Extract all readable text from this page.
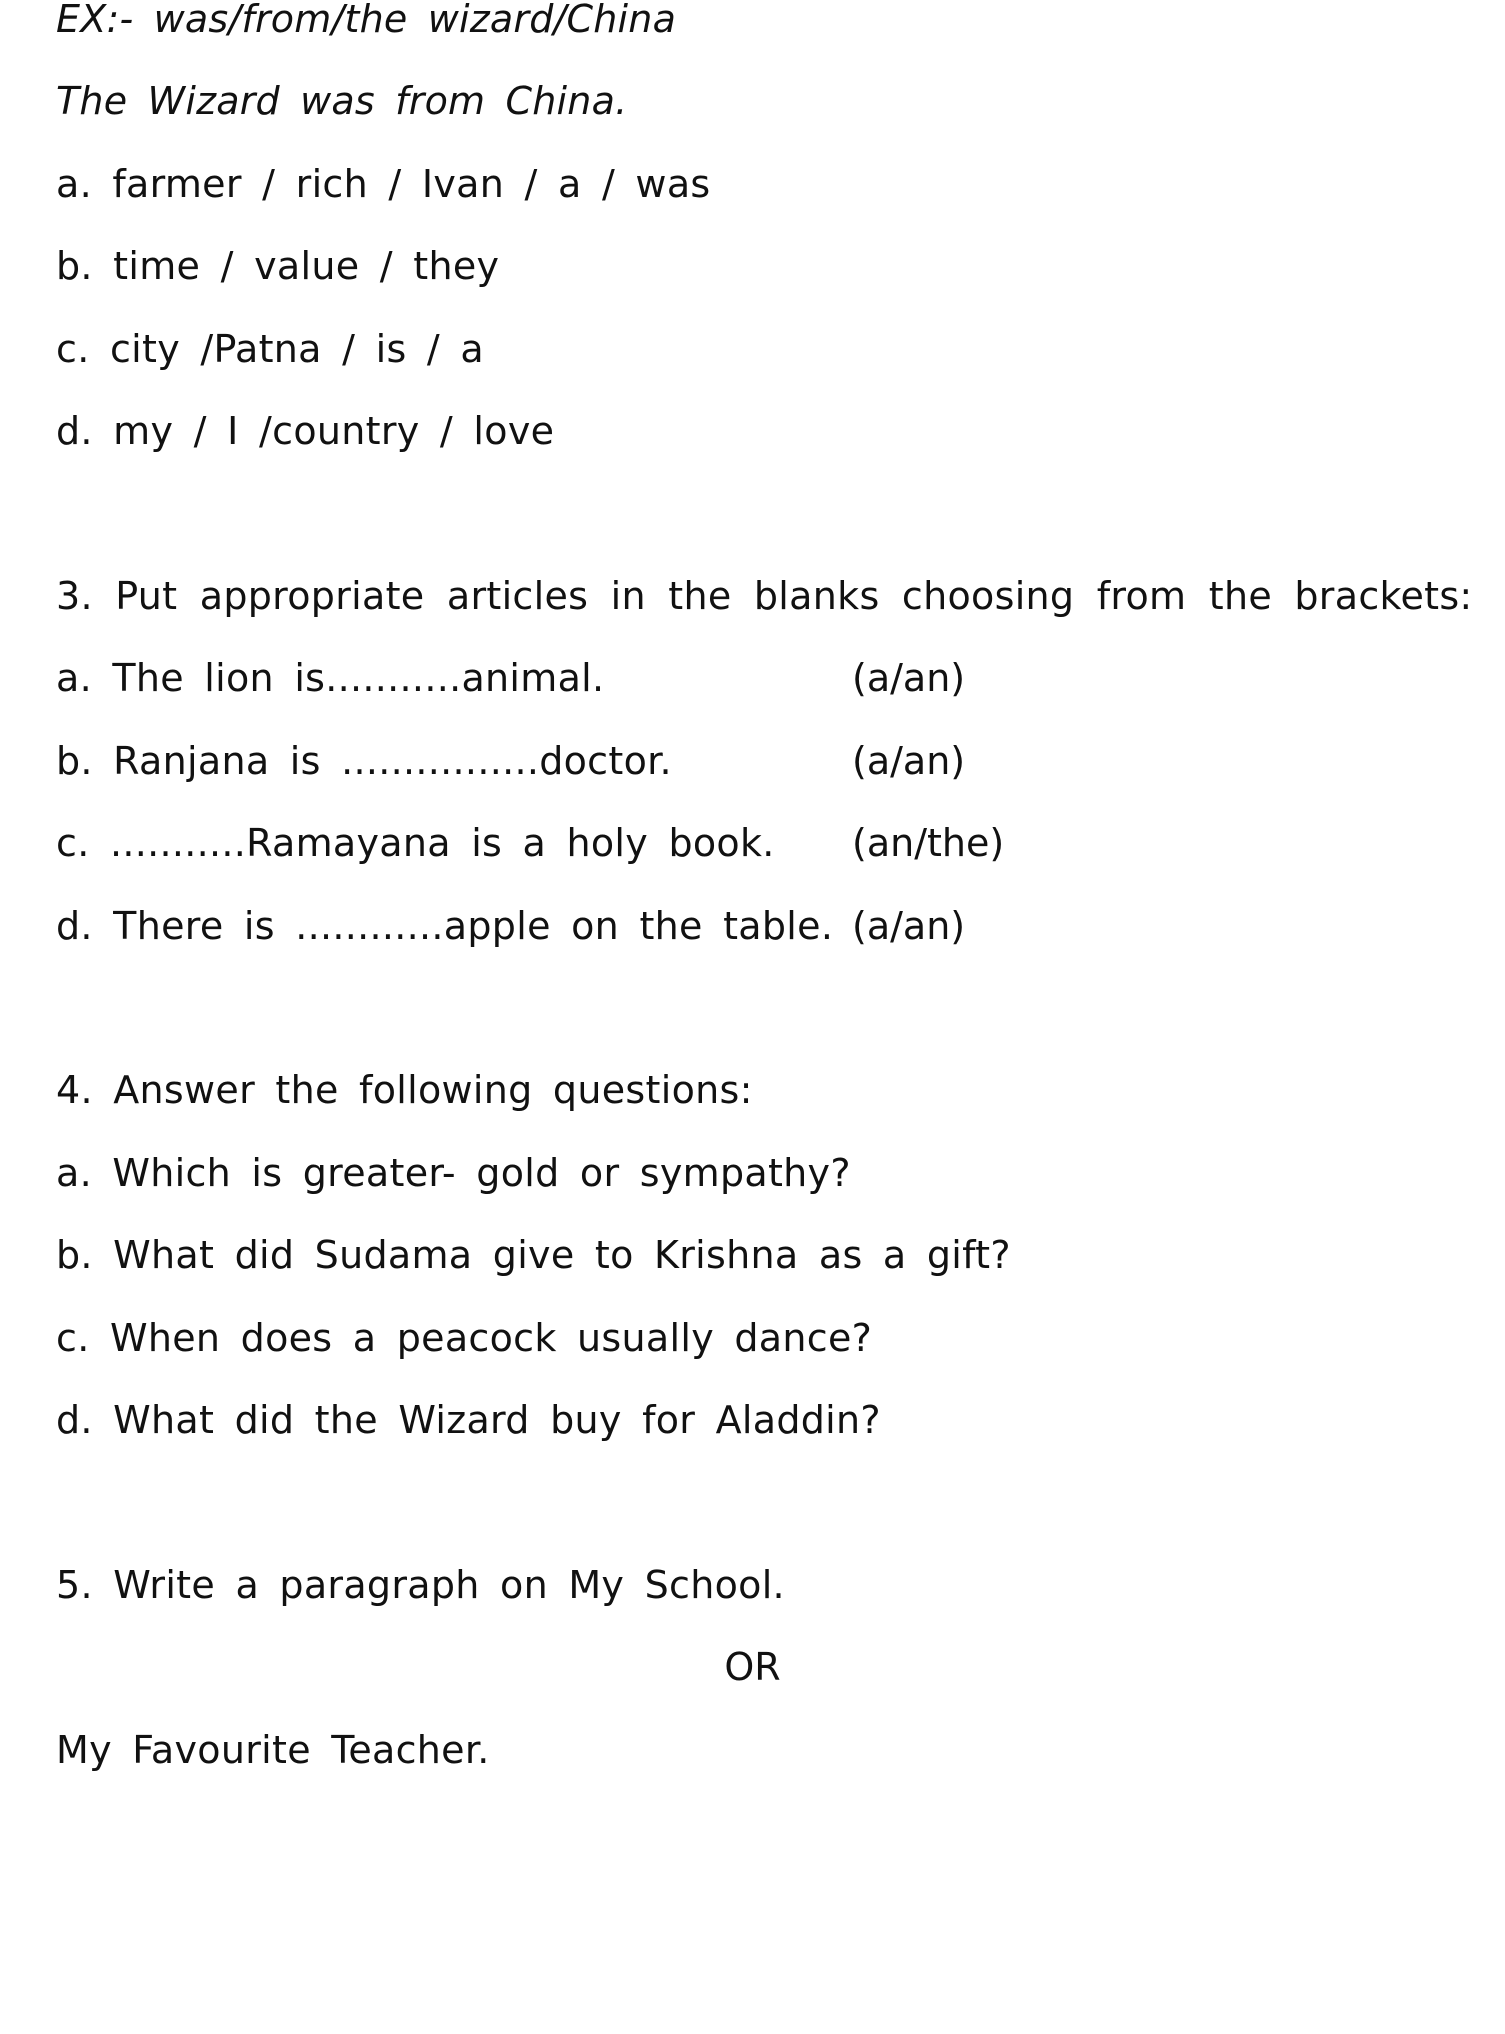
EX:- was/from/the wizard/China
The Wizard was from China.
a. farmer / rich / Ivan / a / was
b. time / value / they
c. city /Patna / is / a
d. my / I /country / love
3. Put appropriate articles in the blanks choosing from the brackets:
a. The lion is...........animal.	(a/an)
b. Ranjana is ................doctor.	(a/an)
c. ...........Ramayana is a holy book. (an/the)
d. There is ............apple on the table. (a/an)
4. Answer the following questions:
a. Which is greater- gold or sympathy?
b. What did Sudama give to Krishna as a gift?
c. When does a peacock usually dance?
d. What did the Wizard buy for Aladdin?
5. Write a paragraph on My School.
OR
My Favourite Teacher.
